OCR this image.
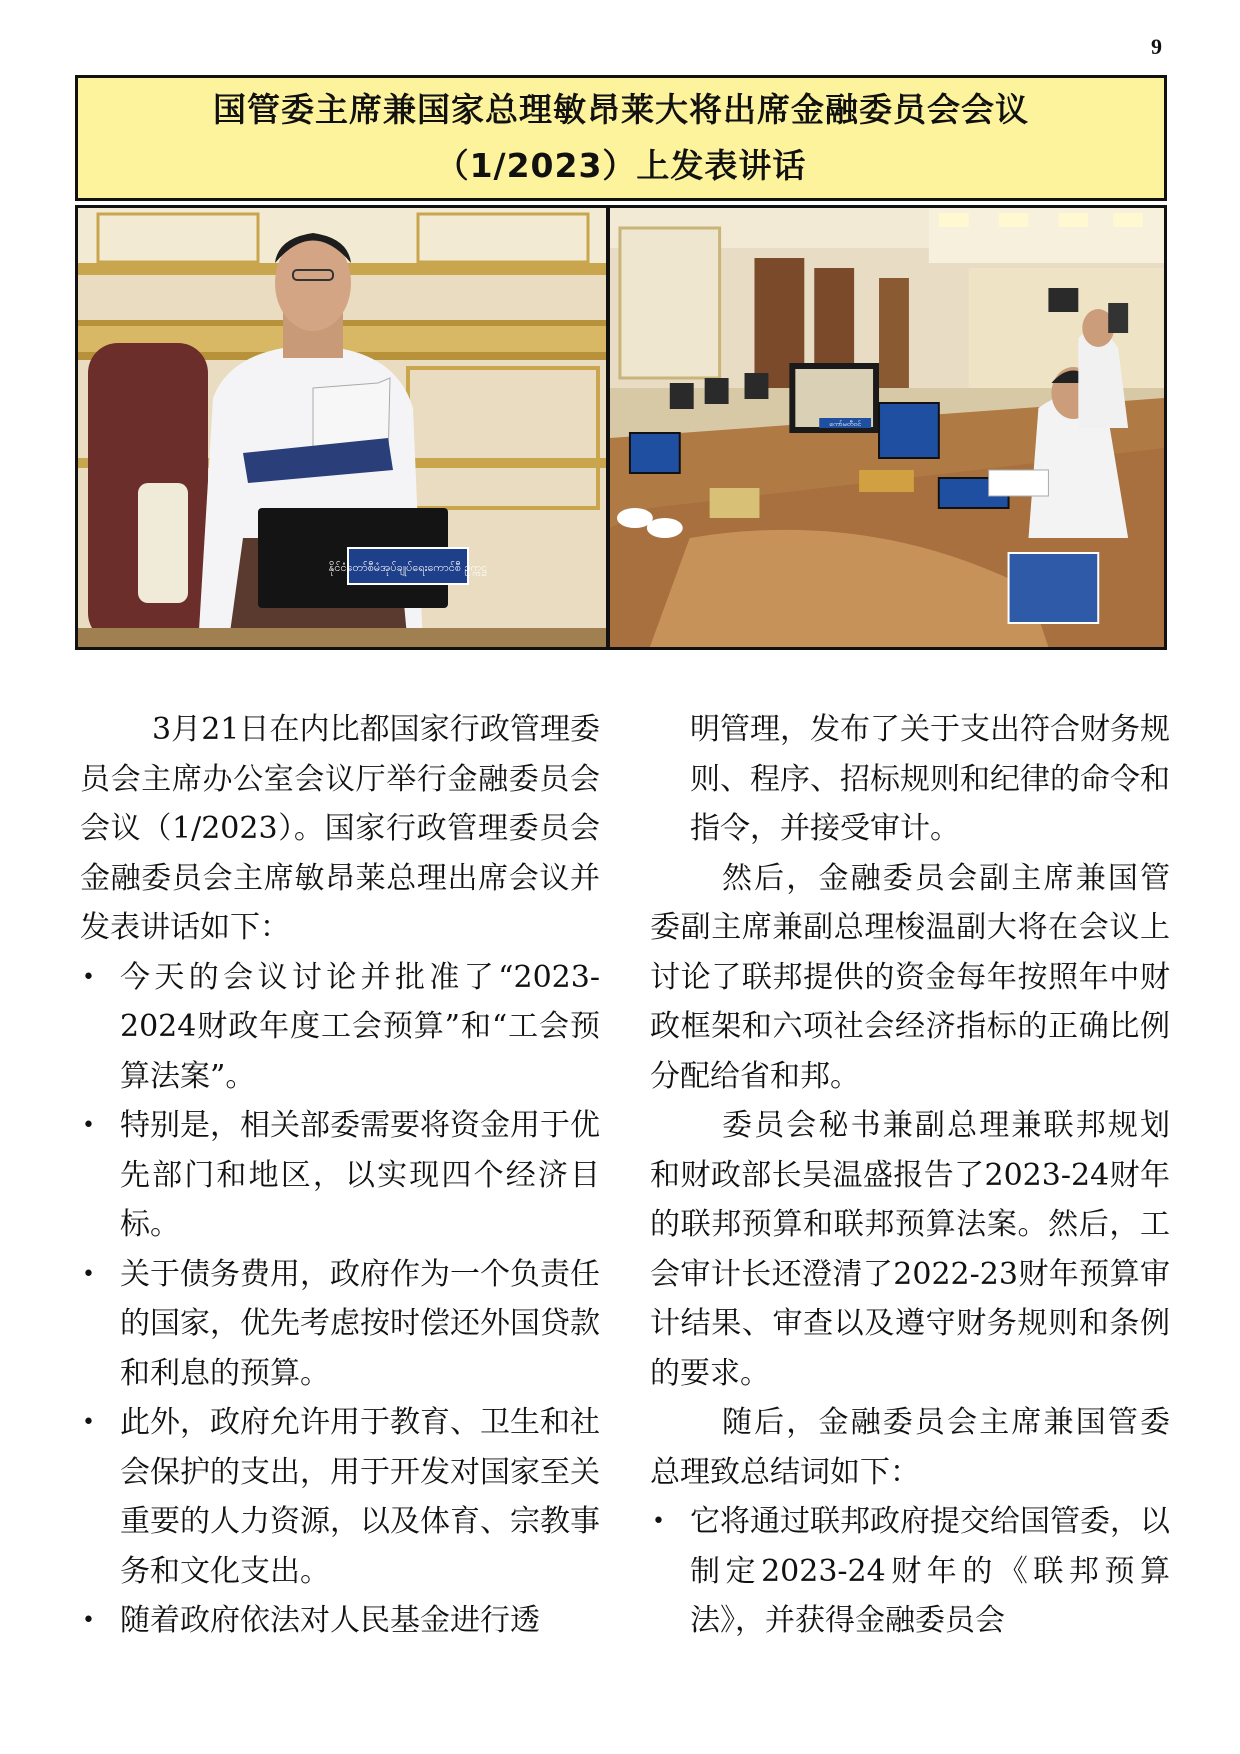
9
国管委主席兼国家总理敏昂莱大将出席金融委员会会议
（1/2023）上发表讲话
နိုင်ငံတော်စီမံအုပ်ချုပ်ရေးကောင်စီ ဥက္ကဋ္ဌ
ကော်မတီဝင်

3月21日在内比都国家行政管理委员会主席办公室会议厅举行金融委员会会议（1/2023）。国家行政管理委员会金融委员会主席敏昂莱总理出席会议并发表讲话如下：

• 今天的会议讨论并批准了“2023-2024财政年度工会预算”和“工会预算法案”。
• 特别是，相关部委需要将资金用于优先部门和地区，以实现四个经济目标。
• 关于债务费用，政府作为一个负责任的国家，优先考虑按时偿还外国贷款和利息的预算。
• 此外，政府允许用于教育、卫生和社会保护的支出，用于开发对国家至关重要的人力资源，以及体育、宗教事务和文化支出。
• 随着政府依法对人民基金进行透

明管理，发布了关于支出符合财务规则、程序、招标规则和纪律的命令和指令，并接受审计。

然后，金融委员会副主席兼国管委副主席兼副总理梭温副大将在会议上讨论了联邦提供的资金每年按照年中财政框架和六项社会经济指标的正确比例分配给省和邦。

委员会秘书兼副总理兼联邦规划和财政部长吴温盛报告了2023-24财年的联邦预算和联邦预算法案。然后，工会审计长还澄清了2022-23财年预算审计结果、审查以及遵守财务规则和条例的要求。

随后，金融委员会主席兼国管委总理致总结词如下：

• 它将通过联邦政府提交给国管委，以制定2023-24财年的《联邦预算法》，并获得金融委员会
